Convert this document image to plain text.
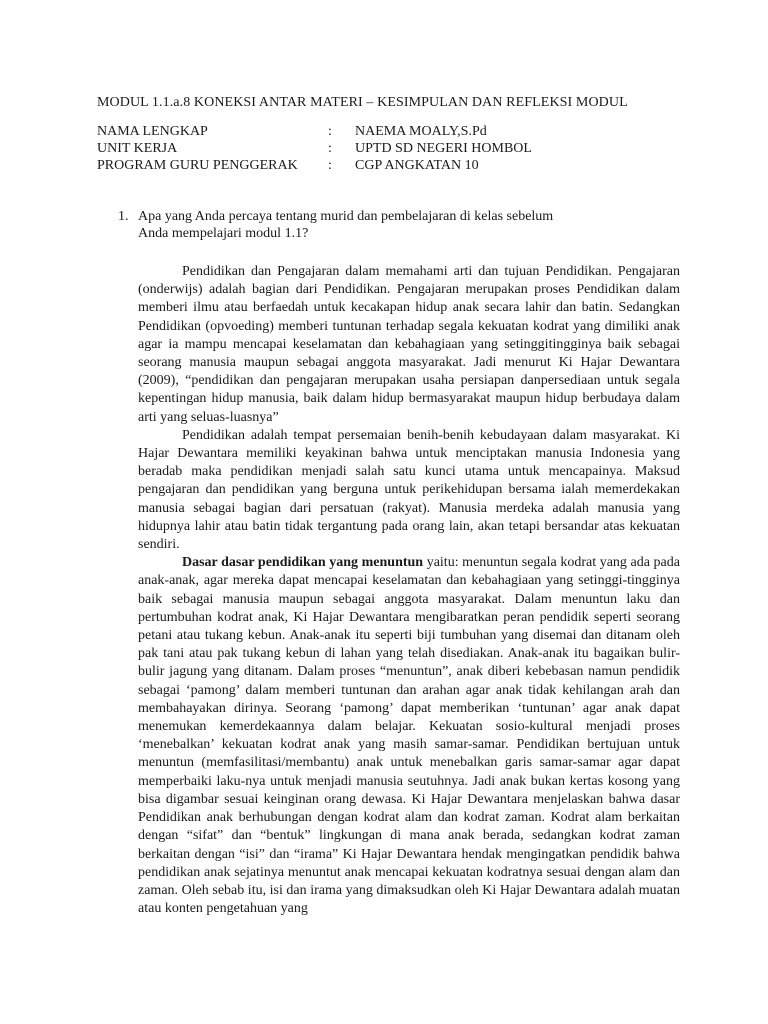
MODUL 1.1.a.8 KONEKSI ANTAR MATERI – KESIMPULAN DAN REFLEKSI MODUL
NAMA LENGKAP	: NAEMA MOALY,S.Pd
UNIT KERJA	: UPTD SD NEGERI HOMBOL
PROGRAM GURU PENGGERAK : CGP ANGKATAN 10
1. Apa yang Anda percaya tentang murid dan pembelajaran di kelas sebelum
Anda mempelajari modul 1.1?

Pendidikan dan Pengajaran dalam memahami arti dan tujuan Pendidikan. Pengajaran (onderwijs) adalah bagian dari Pendidikan. Pengajaran merupakan proses Pendidikan dalam memberi ilmu atau berfaedah untuk kecakapan hidup anak secara lahir dan batin. Sedangkan Pendidikan (opvoeding) memberi tuntunan terhadap segala kekuatan kodrat yang dimiliki anak agar ia mampu mencapai keselamatan dan kebahagiaan yang setinggitingginya baik sebagai seorang manusia maupun sebagai anggota masyarakat. Jadi menurut Ki Hajar Dewantara (2009), “pendidikan dan pengajaran merupakan usaha persiapan danpersediaan untuk segala kepentingan hidup manusia, baik dalam hidup bermasyarakat maupun hidup berbudaya dalam arti yang seluas-luasnya”

Pendidikan adalah tempat persemaian benih-benih kebudayaan dalam masyarakat. Ki Hajar Dewantara memiliki keyakinan bahwa untuk menciptakan manusia Indonesia yang beradab maka pendidikan menjadi salah satu kunci utama untuk mencapainya. Maksud pengajaran dan pendidikan yang berguna untuk perikehidupan bersama ialah memerdekakan manusia sebagai bagian dari persatuan (rakyat). Manusia merdeka adalah manusia yang hidupnya lahir atau batin tidak tergantung pada orang lain, akan tetapi bersandar atas kekuatan sendiri.

Dasar dasar pendidikan yang menuntun yaitu: menuntun segala kodrat yang ada pada anak-anak, agar mereka dapat mencapai keselamatan dan kebahagiaan yang setinggi-tingginya baik sebagai manusia maupun sebagai anggota masyarakat. Dalam menuntun laku dan pertumbuhan kodrat anak, Ki Hajar Dewantara mengibaratkan peran pendidik seperti seorang petani atau tukang kebun. Anak-anak itu seperti biji tumbuhan yang disemai dan ditanam oleh pak tani atau pak tukang kebun di lahan yang telah disediakan. Anak-anak itu bagaikan bulir-bulir jagung yang ditanam. Dalam proses “menuntun”, anak diberi kebebasan namun pendidik sebagai ‘pamong’ dalam memberi tuntunan dan arahan agar anak tidak kehilangan arah dan membahayakan dirinya. Seorang ‘pamong’ dapat memberikan ‘tuntunan’ agar anak dapat menemukan kemerdekaannya dalam belajar. Kekuatan sosio-kultural menjadi proses ‘menebalkan’ kekuatan kodrat anak yang masih samar-samar. Pendidikan bertujuan untuk menuntun (memfasilitasi/membantu) anak untuk menebalkan garis samar-samar agar dapat memperbaiki laku-nya untuk menjadi manusia seutuhnya. Jadi anak bukan kertas kosong yang bisa digambar sesuai keinginan orang dewasa. Ki Hajar Dewantara menjelaskan bahwa dasar Pendidikan anak berhubungan dengan kodrat alam dan kodrat zaman. Kodrat alam berkaitan dengan “sifat” dan “bentuk” lingkungan di mana anak berada, sedangkan kodrat zaman berkaitan dengan “isi” dan “irama” Ki Hajar Dewantara hendak mengingatkan pendidik bahwa pendidikan anak sejatinya menuntut anak mencapai kekuatan kodratnya sesuai dengan alam dan zaman. Oleh sebab itu, isi dan irama yang dimaksudkan oleh Ki Hajar Dewantara adalah muatan atau konten pengetahuan yang
